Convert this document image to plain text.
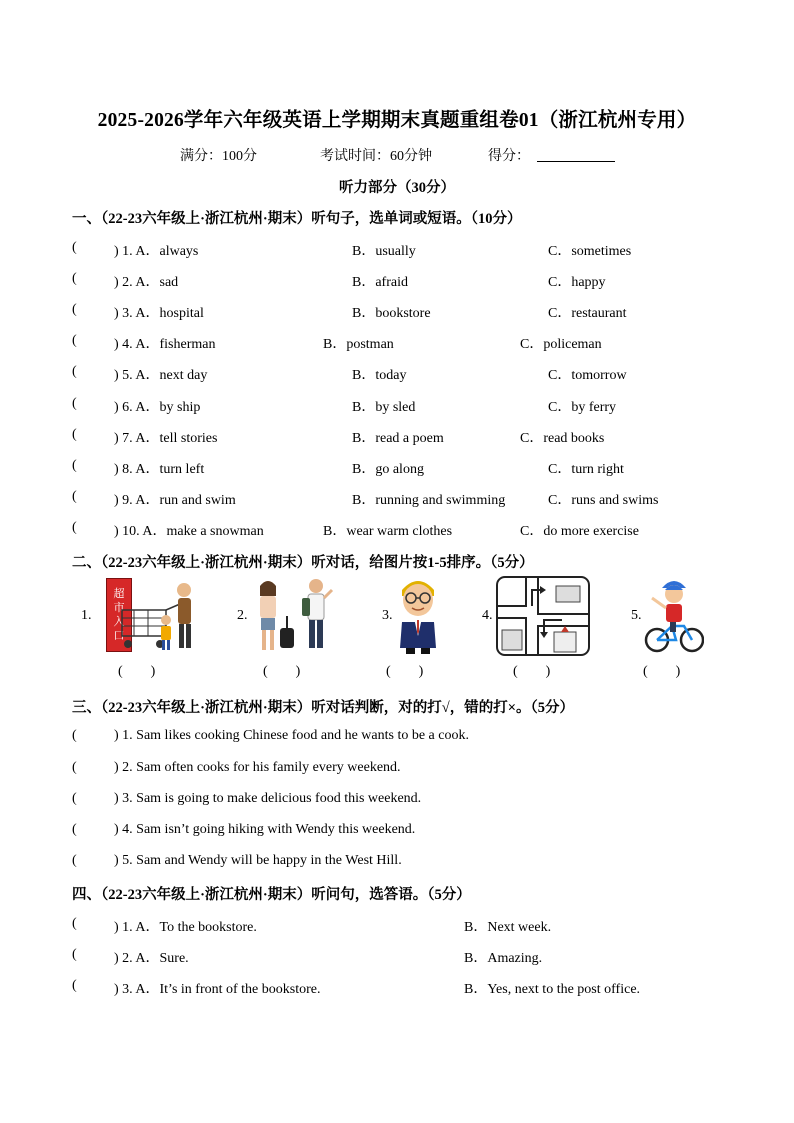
2025-2026学年六年级英语上学期期末真题重组卷01（浙江杭州专用）
满分：100分	考试时间：60分钟	得分：
听力部分（30分）
一、（22-23六年级上·浙江杭州·期末）听句子，选单词或短语。（10分）
(	) 1. A．always	B．usually	C．sometimes
(	) 2. A．sad	B．afraid	C．happy
(	) 3. A．hospital	B．bookstore	C．restaurant
(	) 4. A．fisherman	B．postman	C．policeman
(	) 5. A．next day	B．today	C．tomorrow
(	) 6. A．by ship	B．by sled	C．by ferry
(	) 7. A．tell stories	B．read a poem	C．read books
(	) 8. A．turn left	B．go along	C．turn right
(	) 9. A．run and swim	B．running and swimming	C．runs and swims
(	) 10. A．make a snowman	B．wear warm clothes	C．do more exercise
二、（22-23六年级上·浙江杭州·期末）听对话，给图片按1-5排序。（5分）
1.	2.	3.	4.	5.
超
市
入
口
(        )	(        )	(        )	(        )	(        )
三、（22-23六年级上·浙江杭州·期末）听对话判断，对的打√，错的打×。（5分）
(	) 1. Sam likes cooking Chinese food and he wants to be a cook.
(	) 2. Sam often cooks for his family every weekend.
(	) 3. Sam is going to make delicious food this weekend.
(	) 4. Sam isn’t going hiking with Wendy this weekend.
(	) 5. Sam and Wendy will be happy in the West Hill.
四、（22-23六年级上·浙江杭州·期末）听问句，选答语。（5分）
(	) 1. A．To the bookstore.	B．Next week.
(	) 2. A．Sure.	B．Amazing.
(	) 3. A．It’s in front of the bookstore.	B．Yes, next to the post office.
